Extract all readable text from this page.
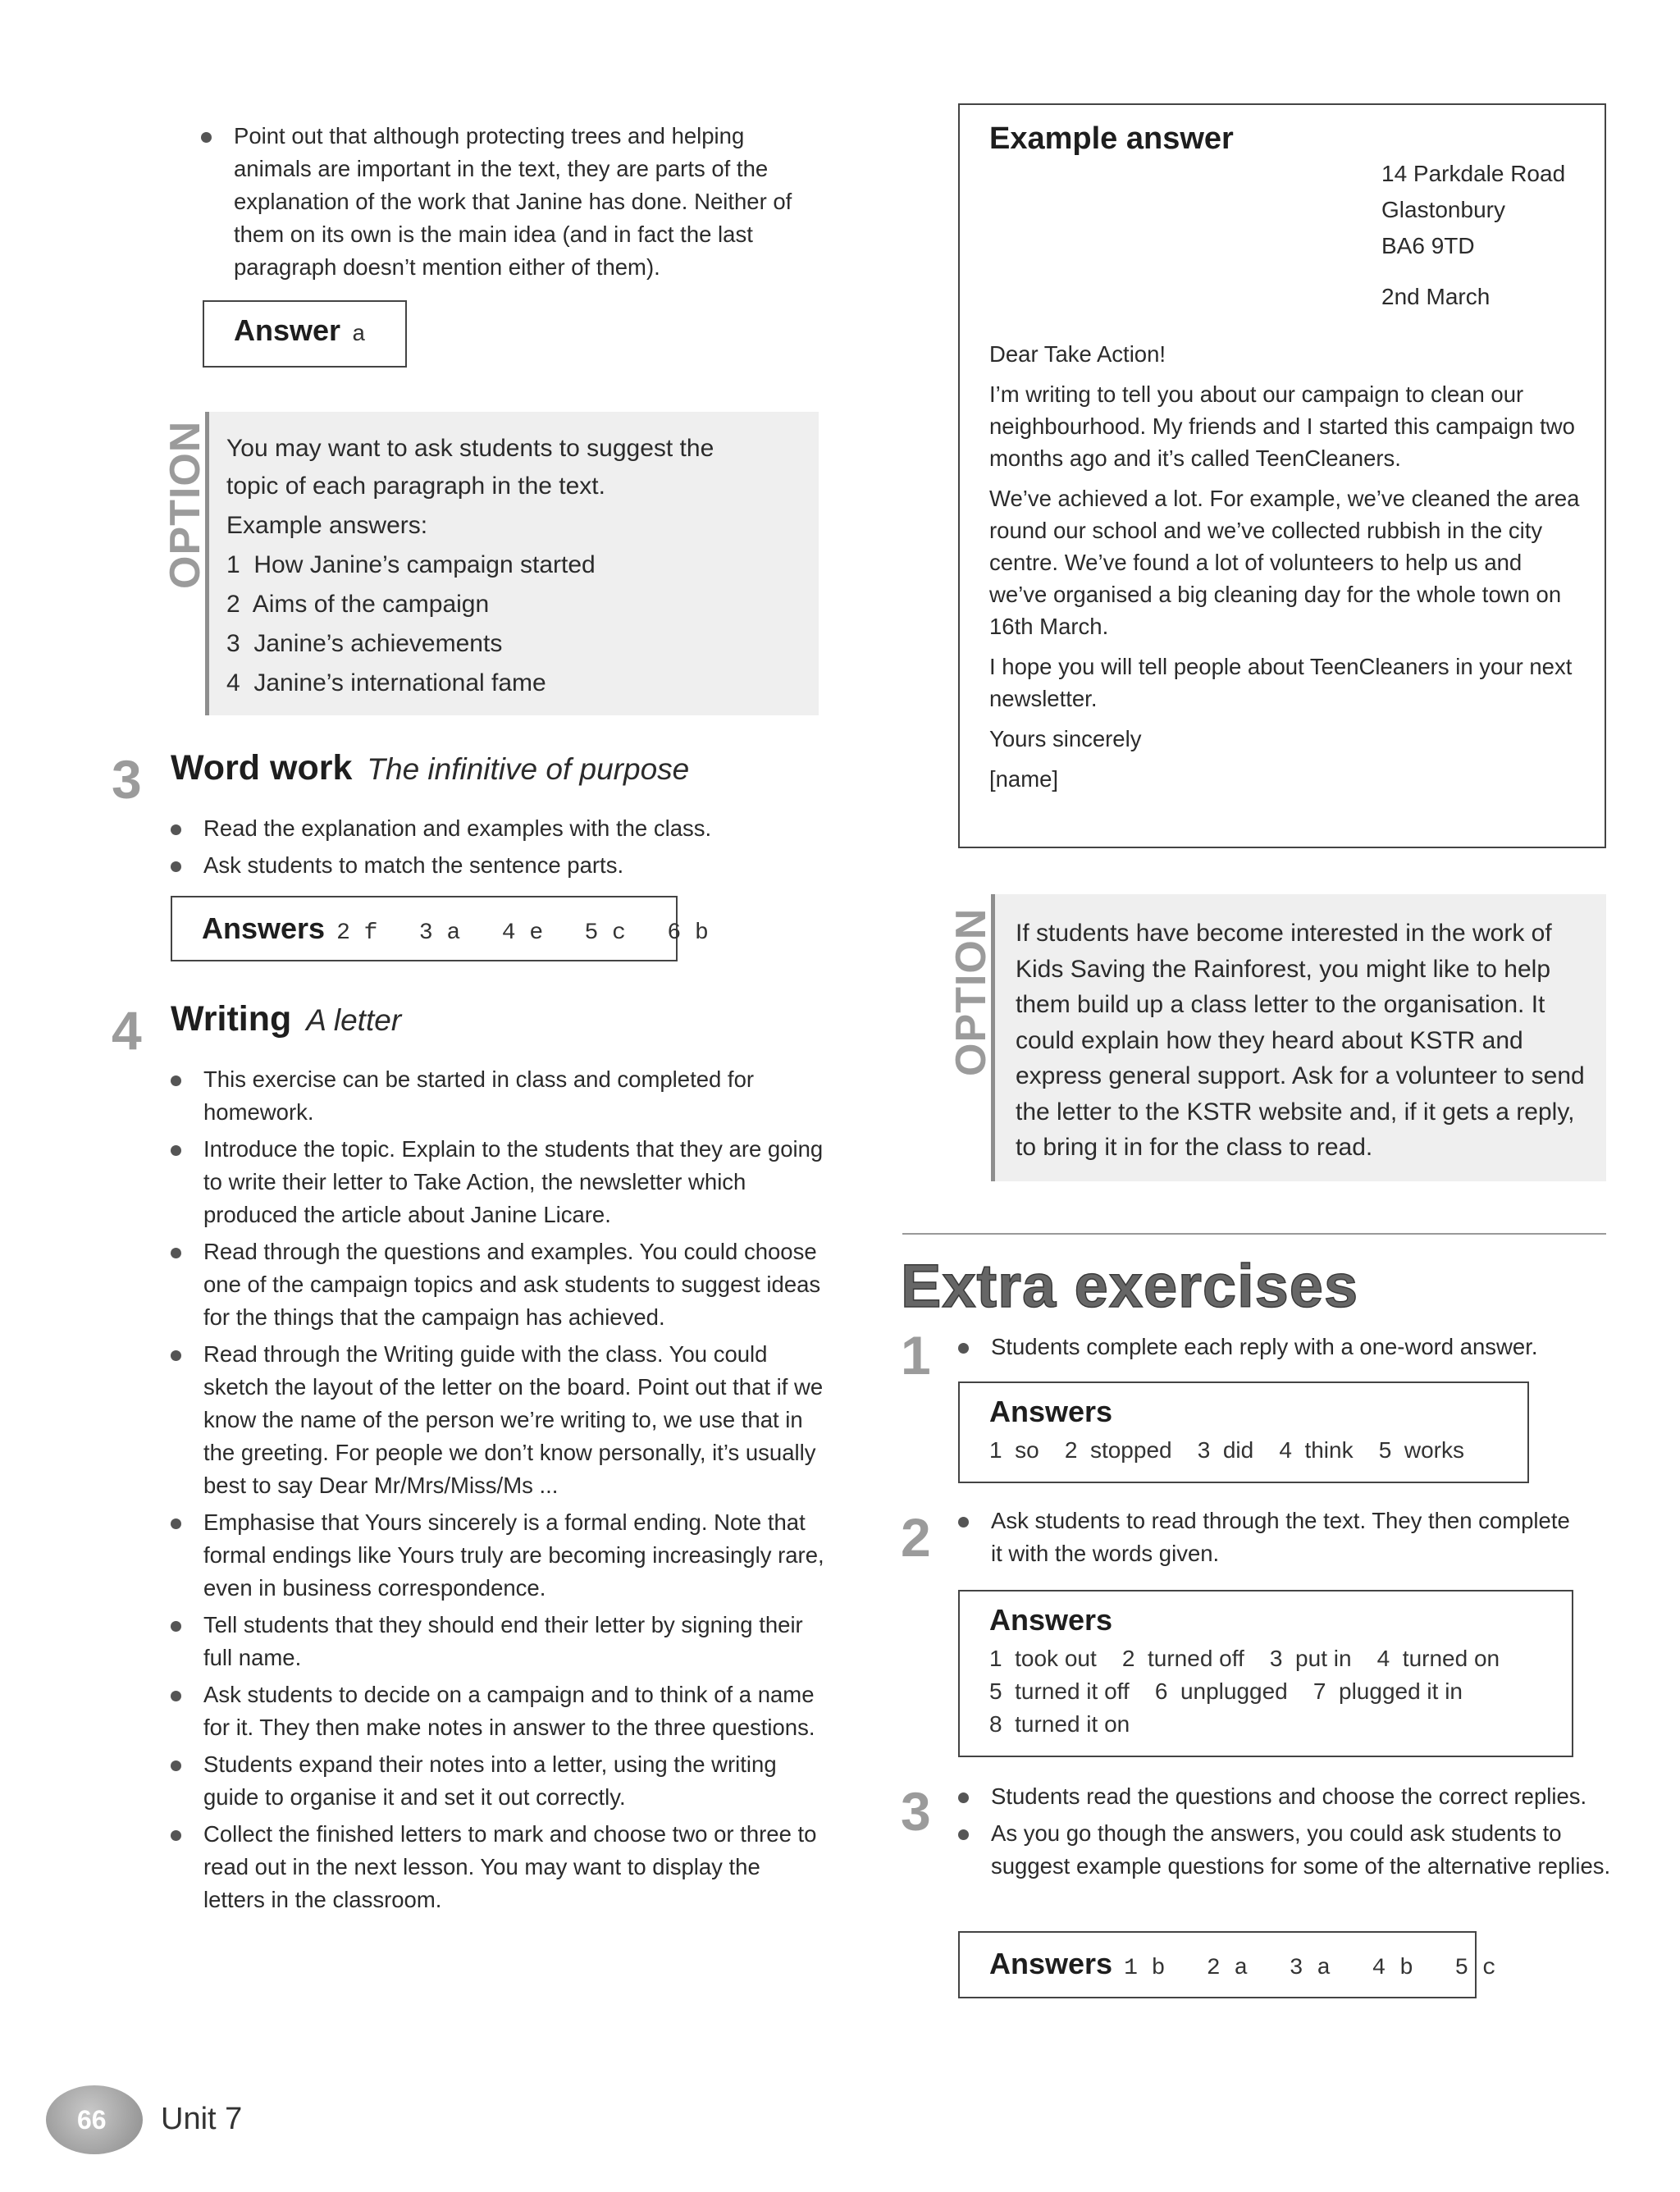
Point out that although protecting trees and helping animals are important in the text, they are parts of the explanation of the work that Janine has done. Neither of them on its own is the main idea (and in fact the last paragraph doesn’t mention either of them).
Answer a
OPTION You may want to ask students to suggest the
topic of each paragraph in the text.
Example answers:
1  How Janine’s campaign started
2  Aims of the campaign
3  Janine’s achievements
4  Janine’s international fame
3 Word work The infinitive of purpose
Read the explanation and examples with the class.
Ask students to match the sentence parts.
Answers 2 f   3 a   4 e   5 c   6 b
4 Writing A letter
This exercise can be started in class and completed for homework.
Introduce the topic. Explain to the students that they are going to write their letter to Take Action, the newsletter which produced the article about Janine Licare.
Read through the questions and examples. You could choose one of the campaign topics and ask students to suggest ideas for the things that the campaign has achieved.
Read through the Writing guide with the class. You could sketch the layout of the letter on the board. Point out that if we know the name of the person we’re writing to, we use that in the greeting. For people we don’t know personally, it’s usually best to say Dear Mr/Mrs/Miss/Ms ...
Emphasise that Yours sincerely is a formal ending. Note that formal endings like Yours truly are becoming increasingly rare, even in business correspondence.
Tell students that they should end their letter by signing their full name.
Ask students to decide on a campaign and to think of a name for it. They then make notes in answer to the three questions.
Students expand their notes into a letter, using the writing guide to organise it and set it out correctly.
Collect the finished letters to mark and choose two or three to read out in the next lesson. You may want to display the letters in the classroom.
Example answer
14 Parkdale Road
Glastonbury
BA6 9TD
2nd March

Dear Take Action!

I’m writing to tell you about our campaign to clean our neighbourhood. My friends and I started this campaign two months ago and it’s called TeenCleaners.

We’ve achieved a lot. For example, we’ve cleaned the area round our school and we’ve collected rubbish in the city centre. We’ve found a lot of volunteers to help us and we’ve organised a big cleaning day for the whole town on 16th March.

I hope you will tell people about TeenCleaners in your next newsletter.

Yours sincerely

[name]

OPTION If students have become interested in the work of Kids Saving the Rainforest, you might like to help them build up a class letter to the organisation. It could explain how they heard about KSTR and express general support. Ask for a volunteer to send the letter to the KSTR website and, if it gets a reply, to bring it in for the class to read.
Extra exercises
1	Students complete each reply with a one-word answer.
Answers
1  so    2  stopped    3  did    4  think    5  works
2	Ask students to read through the text. They then complete it with the words given.
Answers
1  took out    2  turned off    3  put in    4  turned on
5  turned it off    6  unplugged    7  plugged it in
8  turned it on
3	Students read the questions and choose the correct replies.
As you go though the answers, you could ask students to suggest example questions for some of the alternative replies.
Answers 1 b   2 a   3 a   4 b   5 c
66 Unit 7
